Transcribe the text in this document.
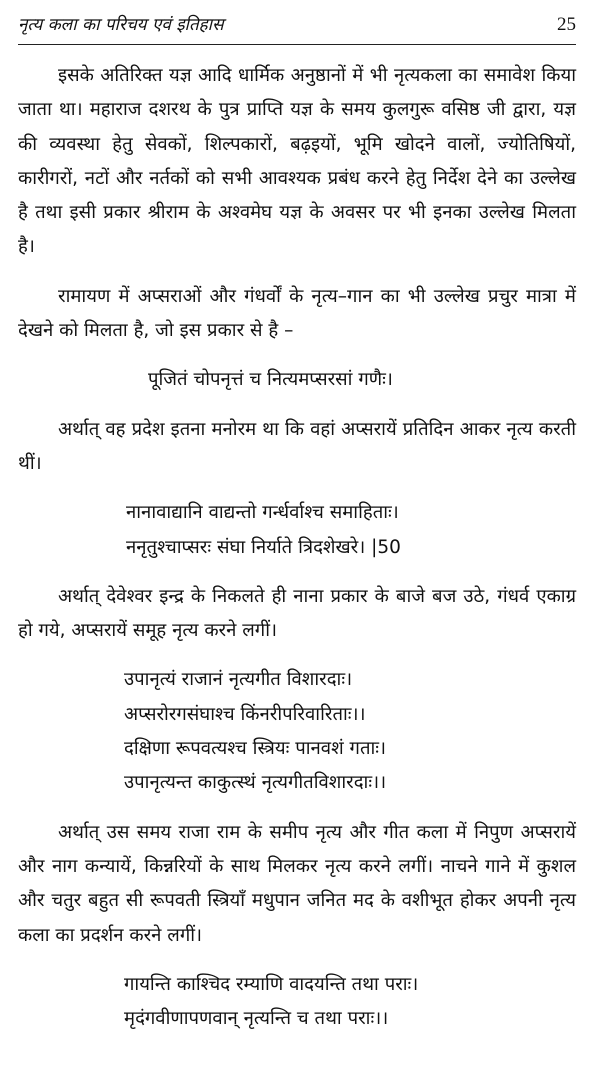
नृत्य कला का परिचय एवं इतिहास	25

इसके अतिरिक्त यज्ञ आदि धार्मिक अनुष्ठानों में भी नृत्यकला का समावेश किया जाता था। महाराज दशरथ के पुत्र प्राप्ति यज्ञ के समय कुलगुरू वसिष्ठ जी द्वारा, यज्ञ की व्यवस्था हेतु सेवकों, शिल्पकारों, बढ़इयों, भूमि खोदने वालों, ज्योतिषियों, कारीगरों, नटों और नर्तकों को सभी आवश्यक प्रबंध करने हेतु निर्देश देने का उल्लेख है तथा इसी प्रकार श्रीराम के अश्वमेघ यज्ञ के अवसर पर भी इनका उल्लेख मिलता है।

रामायण में अप्सराओं और गंधर्वों के नृत्य–गान का भी उल्लेख प्रचुर मात्रा में देखने को मिलता है, जो इस प्रकार से है –

पूजितं चोपनृत्तं च नित्यमप्सरसां गणैः।

अर्थात् वह प्रदेश इतना मनोरम था कि वहां अप्सरायें प्रतिदिन आकर नृत्य करती थीं।

नानावाद्यानि वाद्यन्तो गर्न्धर्वाश्च समाहिताः।
ननृतुश्चाप्सरः संघा निर्याते त्रिदशेखरे। |50

अर्थात् देवेश्वर इन्द्र के निकलते ही नाना प्रकार के बाजे बज उठे, गंधर्व एकाग्र हो गये, अप्सरायें समूह नृत्य करने लगीं।

उपानृत्यं राजानं नृत्यगीत विशारदाः।
अप्सरोरगसंघाश्च किंनरीपरिवारिताः।।
दक्षिणा रूपवत्यश्च स्त्रियः पानवशं गताः।
उपानृत्यन्त काकुत्स्थं नृत्यगीतविशारदाः।।

अर्थात् उस समय राजा राम के समीप नृत्य और गीत कला में निपुण अप्सरायें और नाग कन्यायें, किन्नरियों के साथ मिलकर नृत्य करने लगीं। नाचने गाने में कुशल और चतुर बहुत सी रूपवती स्त्रियाँ मधुपान जनित मद के वशीभूत होकर अपनी नृत्य कला का प्रदर्शन करने लगीं।

गायन्ति काश्चिद रम्याणि वादयन्ति तथा पराः।
मृदंगवीणापणवान् नृत्यन्ति च तथा पराः।।
